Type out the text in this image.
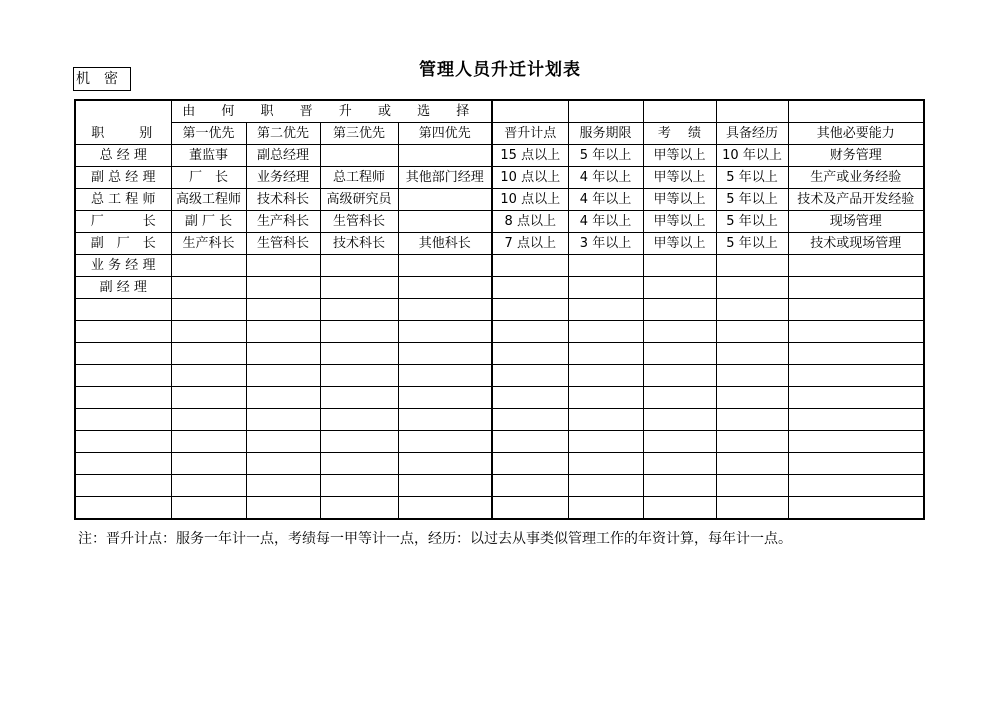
管理人员升迁计划表
机　密
职　　别	由 何 职 晋 升 或 选 择								
	第一优先	第二优先	第三优先	第四优先	晋升计点	服务期限	考　 绩	具备经历	其他必要能力
总 经 理	董监事	副总经理			15 点以上	5 年以上	甲等以上	10 年以上	财务管理
副 总 经 理	厂　长	业务经理	总工程师	其他部门经理	10 点以上	4 年以上	甲等以上	5 年以上	生产或业务经验
总 工 程 师	高级工程师	技术科长	高级研究员		10 点以上	4 年以上	甲等以上	5 年以上	技术及产品开发经验
厂　　　长	副 厂 长	生产科长	生管科长		8 点以上	4 年以上	甲等以上	5 年以上	现场管理
副　厂　长	生产科长	生管科长	技术科长	其他科长	7 点以上	3 年以上	甲等以上	5 年以上	技术或现场管理
业 务 经 理									
副 经 理									

注：晋升计点：服务一年计一点，考绩每一甲等计一点，经历：以过去从事类似管理工作的年资计算，每年计一点。
